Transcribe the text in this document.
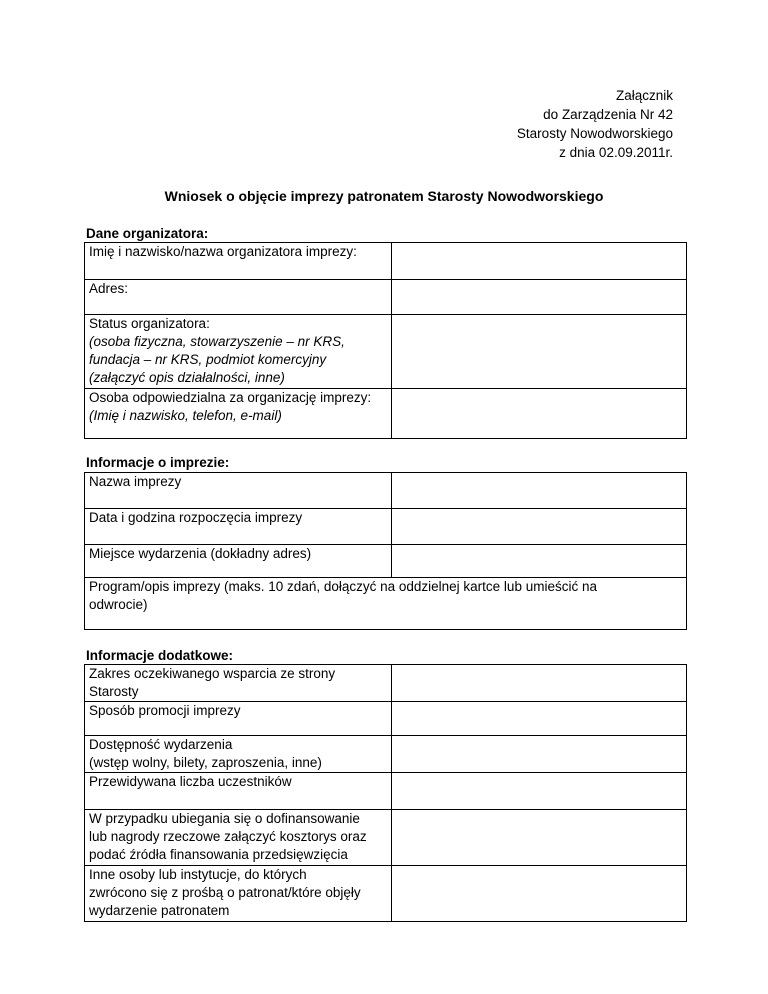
Załącznik
do Zarządzenia Nr 42
Starosty Nowodworskiego
z dnia 02.09.2011r.
Wniosek o objęcie imprezy patronatem Starosty Nowodworskiego
Dane organizatora:
Imię i nazwisko/nazwa organizatora imprezy:	
Adres:	

Status organizatora:
(osoba fizyczna, stowarzyszenie – nr KRS,
fundacja – nr KRS, podmiot komercyjny
(załączyć opis działalności, inne)	

Osoba odpowiedzialna za organizację imprezy:
(Imię i nazwisko, telefon, e-mail)	

Informacje o imprezie:
Nazwa imprezy	
Data i godzina rozpoczęcia imprezy	
Miejsce wydarzenia (dokładny adres)	

Program/opis imprezy (maks. 10 zdań, dołączyć na oddzielnej kartce lub umieścić na
odwrocie)	
Informacje dodatkowe:
Zakres oczekiwanego wsparcia ze strony
Starosty	

Sposób promocji imprezy	

Dostępność wydarzenia
(wstęp wolny, bilety, zaproszenia, inne)	

Przewidywana liczba uczestników	

W przypadku ubiegania się o dofinansowanie
lub nagrody rzeczowe załączyć kosztorys oraz
podać źródła finansowania przedsięwzięcia	

Inne osoby lub instytucje, do których
zwrócono się z prośbą o patronat/które objęły
wydarzenie patronatem	
